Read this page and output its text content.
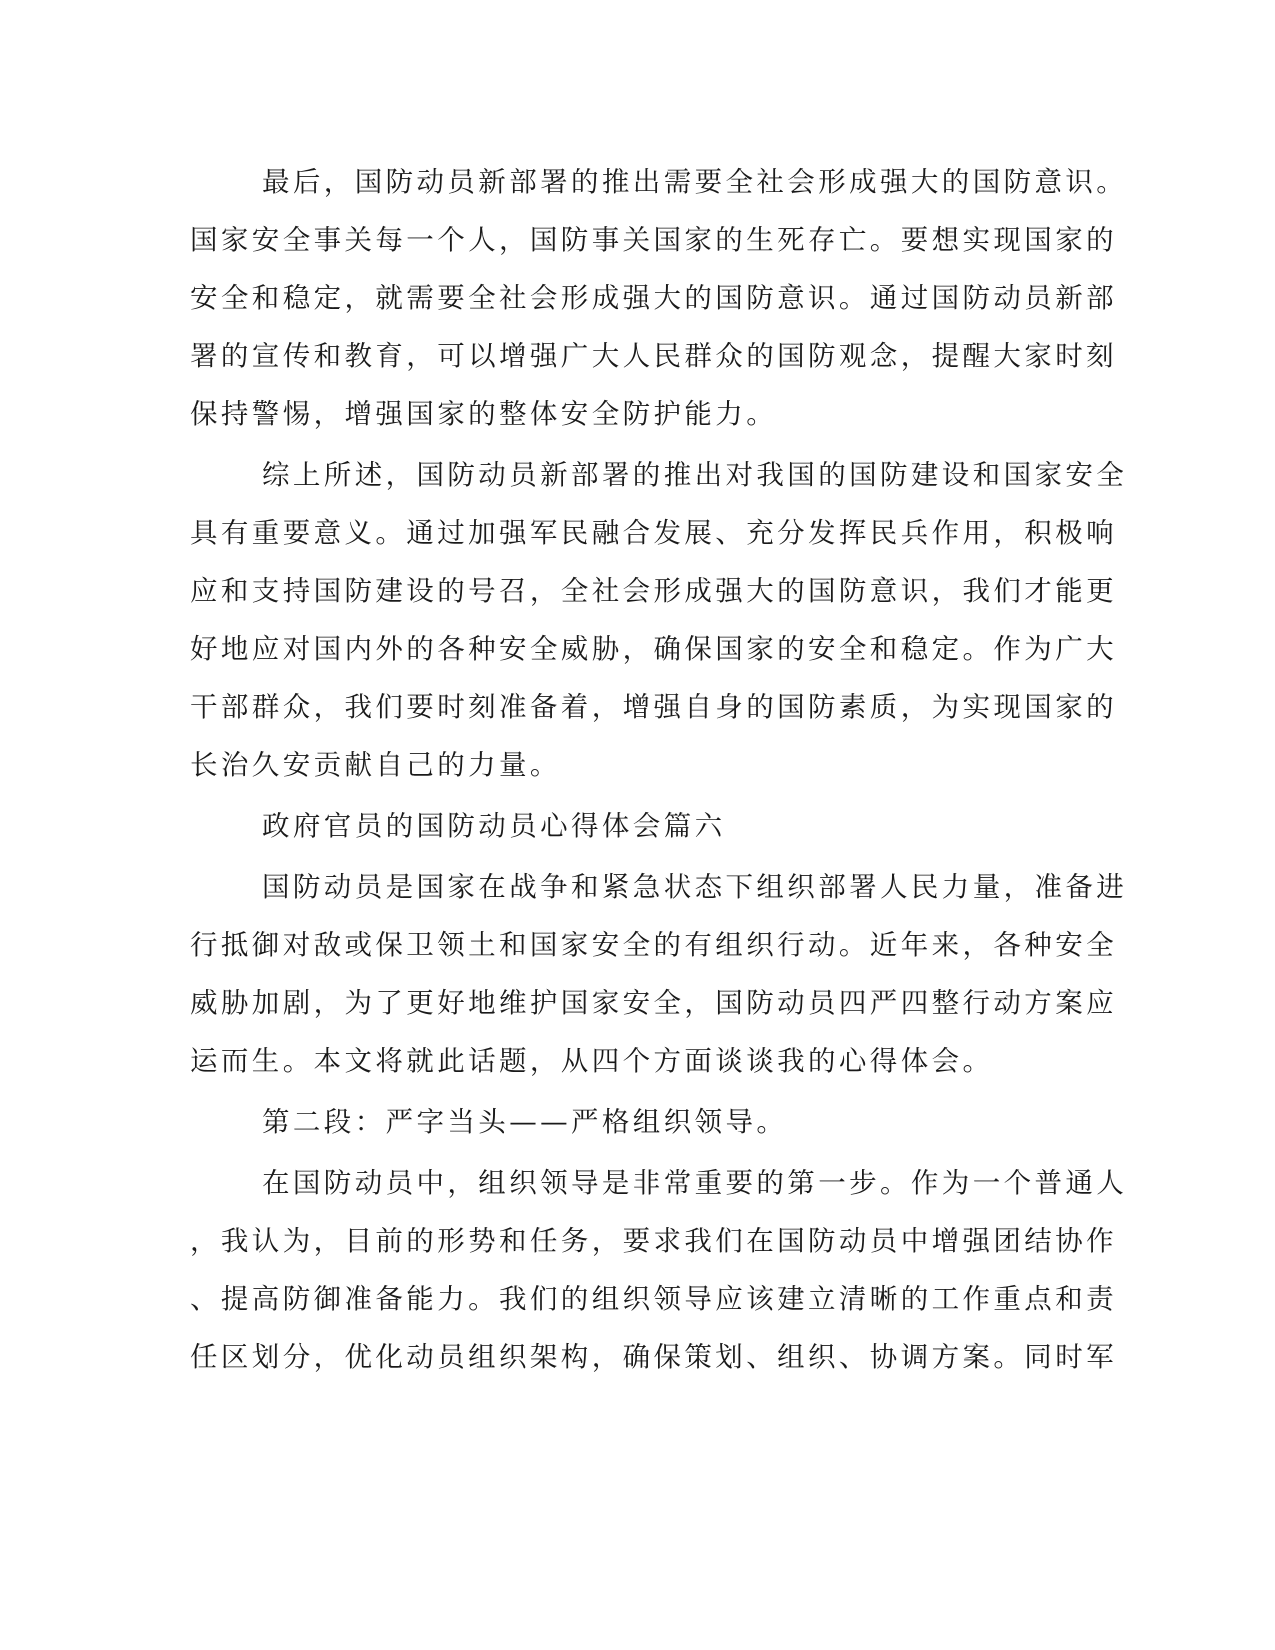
最后，国防动员新部署的推出需要全社会形成强大的国防意识。
国家安全事关每一个人，国防事关国家的生死存亡。要想实现国家的
安全和稳定，就需要全社会形成强大的国防意识。通过国防动员新部
署的宣传和教育，可以增强广大人民群众的国防观念，提醒大家时刻
保持警惕，增强国家的整体安全防护能力。
综上所述，国防动员新部署的推出对我国的国防建设和国家安全
具有重要意义。通过加强军民融合发展、充分发挥民兵作用，积极响
应和支持国防建设的号召，全社会形成强大的国防意识，我们才能更
好地应对国内外的各种安全威胁，确保国家的安全和稳定。作为广大
干部群众，我们要时刻准备着，增强自身的国防素质，为实现国家的
长治久安贡献自己的力量。
政府官员的国防动员心得体会篇六
国防动员是国家在战争和紧急状态下组织部署人民力量，准备进
行抵御对敌或保卫领土和国家安全的有组织行动。近年来，各种安全
威胁加剧，为了更好地维护国家安全，国防动员四严四整行动方案应
运而生。本文将就此话题，从四个方面谈谈我的心得体会。
第二段：严字当头——严格组织领导。
在国防动员中，组织领导是非常重要的第一步。作为一个普通人
，我认为，目前的形势和任务，要求我们在国防动员中增强团结协作
、提高防御准备能力。我们的组织领导应该建立清晰的工作重点和责
任区划分，优化动员组织架构，确保策划、组织、协调方案。同时军
